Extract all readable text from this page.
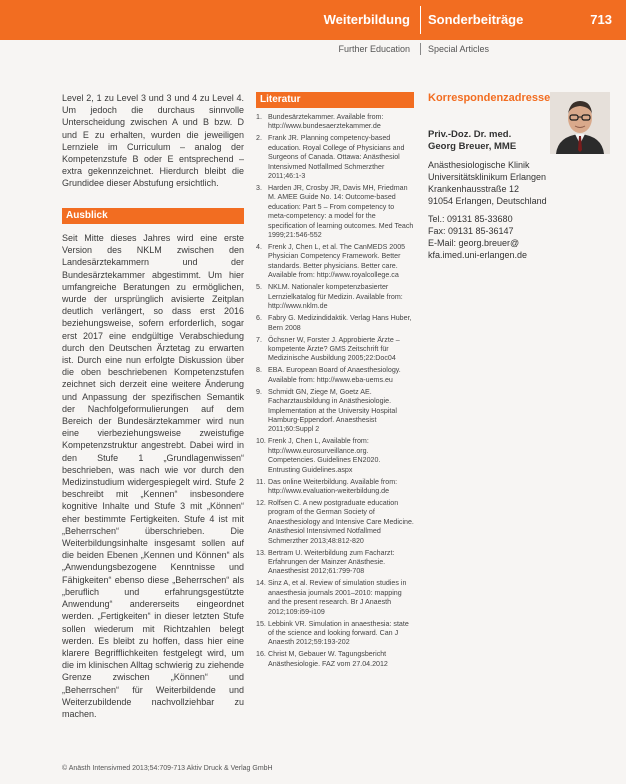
Weiterbildung Sonderbeiträge	713
Further Education Special Articles

Level 2, 1 zu Level 3 und 3 und 4 zu Level 4. Um jedoch die durchaus sinnvolle Unterscheidung zwischen A und B bzw. D und E zu erhalten, wurden die jeweiligen Lernziele im Curriculum – analog der Kompetenzstufe B oder E entsprechend – extra gekennzeichnet. Hierdurch bleibt die Grundidee dieser Abstufung ersichtlich.

Ausblick

Seit Mitte dieses Jahres wird eine erste Version des NKLM zwischen den Landesärztekammern und der Bundesärztekammer abgestimmt. Um hier umfangreiche Beratungen zu ermöglichen, wurde der ursprünglich avisierte Zeitplan deutlich verlängert, so dass erst 2016 beziehungsweise, sofern erforderlich, sogar erst 2017 eine endgültige Verabschiedung durch den Deutschen Ärztetag zu erwarten ist. Durch eine nun erfolgte Diskussion über die oben beschriebenen Kompetenzstufen zeichnet sich derzeit eine weitere Änderung und Anpassung der spezifischen Semantik der Nachfolgeformulierungen auf dem Bereich der Bundesärztekammer wird nun eine vierbeziehungsweise zweistufige Kompetenzstruktur angestrebt. Dabei wird in den Stufe 1 „Grundlagenwissen“ beschrieben, was nach wie vor durch den Medizinstudium widergespiegelt wird. Stufe 2 beschreibt mit „Kennen“ insbesondere kognitive Inhalte und Stufe 3 mit „Können“ eher bestimmte Fertigkeiten. Stufe 4 ist mit „Beherrschen“ überschrieben. Die Weiterbildungsinhalte insgesamt sollen auf die beiden Ebenen „Kennen und Können“ als „Anwendungsbezogene Kenntnisse und Fähigkeiten“ ebenso diese „Beherrschen“ als „beruflich und erfahrungsgestützte Anwendung“ andererseits eingeordnet werden. „Fertigkeiten“ in dieser letzten Stufe sollen wiederum mit Richtzahlen belegt werden. Es bleibt zu hoffen, dass hier eine klarere Begrifflichkeiten festgelegt wird, um die im klinischen Alltag schwierig zu ziehende Grenze zwischen „Können“ und „Beherrschen“ für Weiterbildende und Weiterzubildende nachvollziehbar zu machen.

Literatur
1. Bundesärztekammer. Available from: http://www.bundesaerztekammer.de
2. Frank JR. Planning competency-based education. Royal College of Physicians and Surgeons of Canada. Ottawa: Anästhesiol Intensivmed Notfallmed Schmerzther 2011;46:1-3
3. Harden JR, Crosby JR, Davis MH, Friedman M. AMEE Guide No. 14: Outcome-based education: Part 5 – From competency to meta-competency: a model for the specification of learning outcomes. Med Teach 1999;21:546-552
4. Frenk J, Chen L, et al. The CanMEDS 2005 Physician Competency Framework. Better standards. Better physicians. Better care. Available from: http://www.royalcollege.ca
5. NKLM. Nationaler kompetenzbasierter Lernzielkatalog für Medizin. Available from: http://www.nklm.de
6. Fabry G. Medizindidaktik. Verlag Hans Huber, Bern 2008
7. Öchsner W, Forster J. Approbierte Ärzte – kompetente Ärzte? GMS Zeitschrift für Medizinische Ausbildung 2005;22:Doc04
8. EBA. European Board of Anaesthesiology. Available from: http://www.eba-uems.eu
9. Schmidt GN, Ziege M, Goetz AE. Facharztausbildung in Anästhesiologie. Implementation at the University Hospital Hamburg-Eppendorf. Anaesthesist 2011;60:Suppl 2
10. Frenk J, Chen L, Available from: http://www.eurosurveillance.org. Competencies. Guidelines EN2020. Entrusting Guidelines.aspx
11. Das online Weiterbildung. Available from: http://www.evaluation-weiterbildung.de
12. Rolfsen C. A new postgraduate education program of the German Society of Anaesthesiology and Intensive Care Medicine. Anästhesiol Intensivmed Notfallmed Schmerzther 2013;48:812-820
13. Bertram U. Weiterbildung zum Facharzt: Erfahrungen der Mainzer Anästhesie. Anaesthesist 2012;61:799-708
14. Sinz A, et al. Review of simulation studies in anaesthesia journals 2001–2010: mapping and the present research. Br J Anaesth 2012;109:i59-i109
15. Lebbink VR. Simulation in anaesthesia: state of the science and looking forward. Can J Anaesth 2012;59:193-202
16. Christ M, Gebauer W. Tagungsbericht Anästhesiologie. FAZ vom 27.04.2012
Korrespondenzadresse
Priv.-Doz. Dr. med.
Georg Breuer, MME
Anästhesiologische Klinik
Universitätsklinikum Erlangen
Krankenhausstraße 12
91054 Erlangen, Deutschland
Tel.: 09131 85-33680
Fax: 09131 85-36147
E-Mail: georg.breuer@
kfa.imed.uni-erlangen.de
© Anästh Intensivmed 2013;54:709-713 Aktiv Druck & Verlag GmbH
